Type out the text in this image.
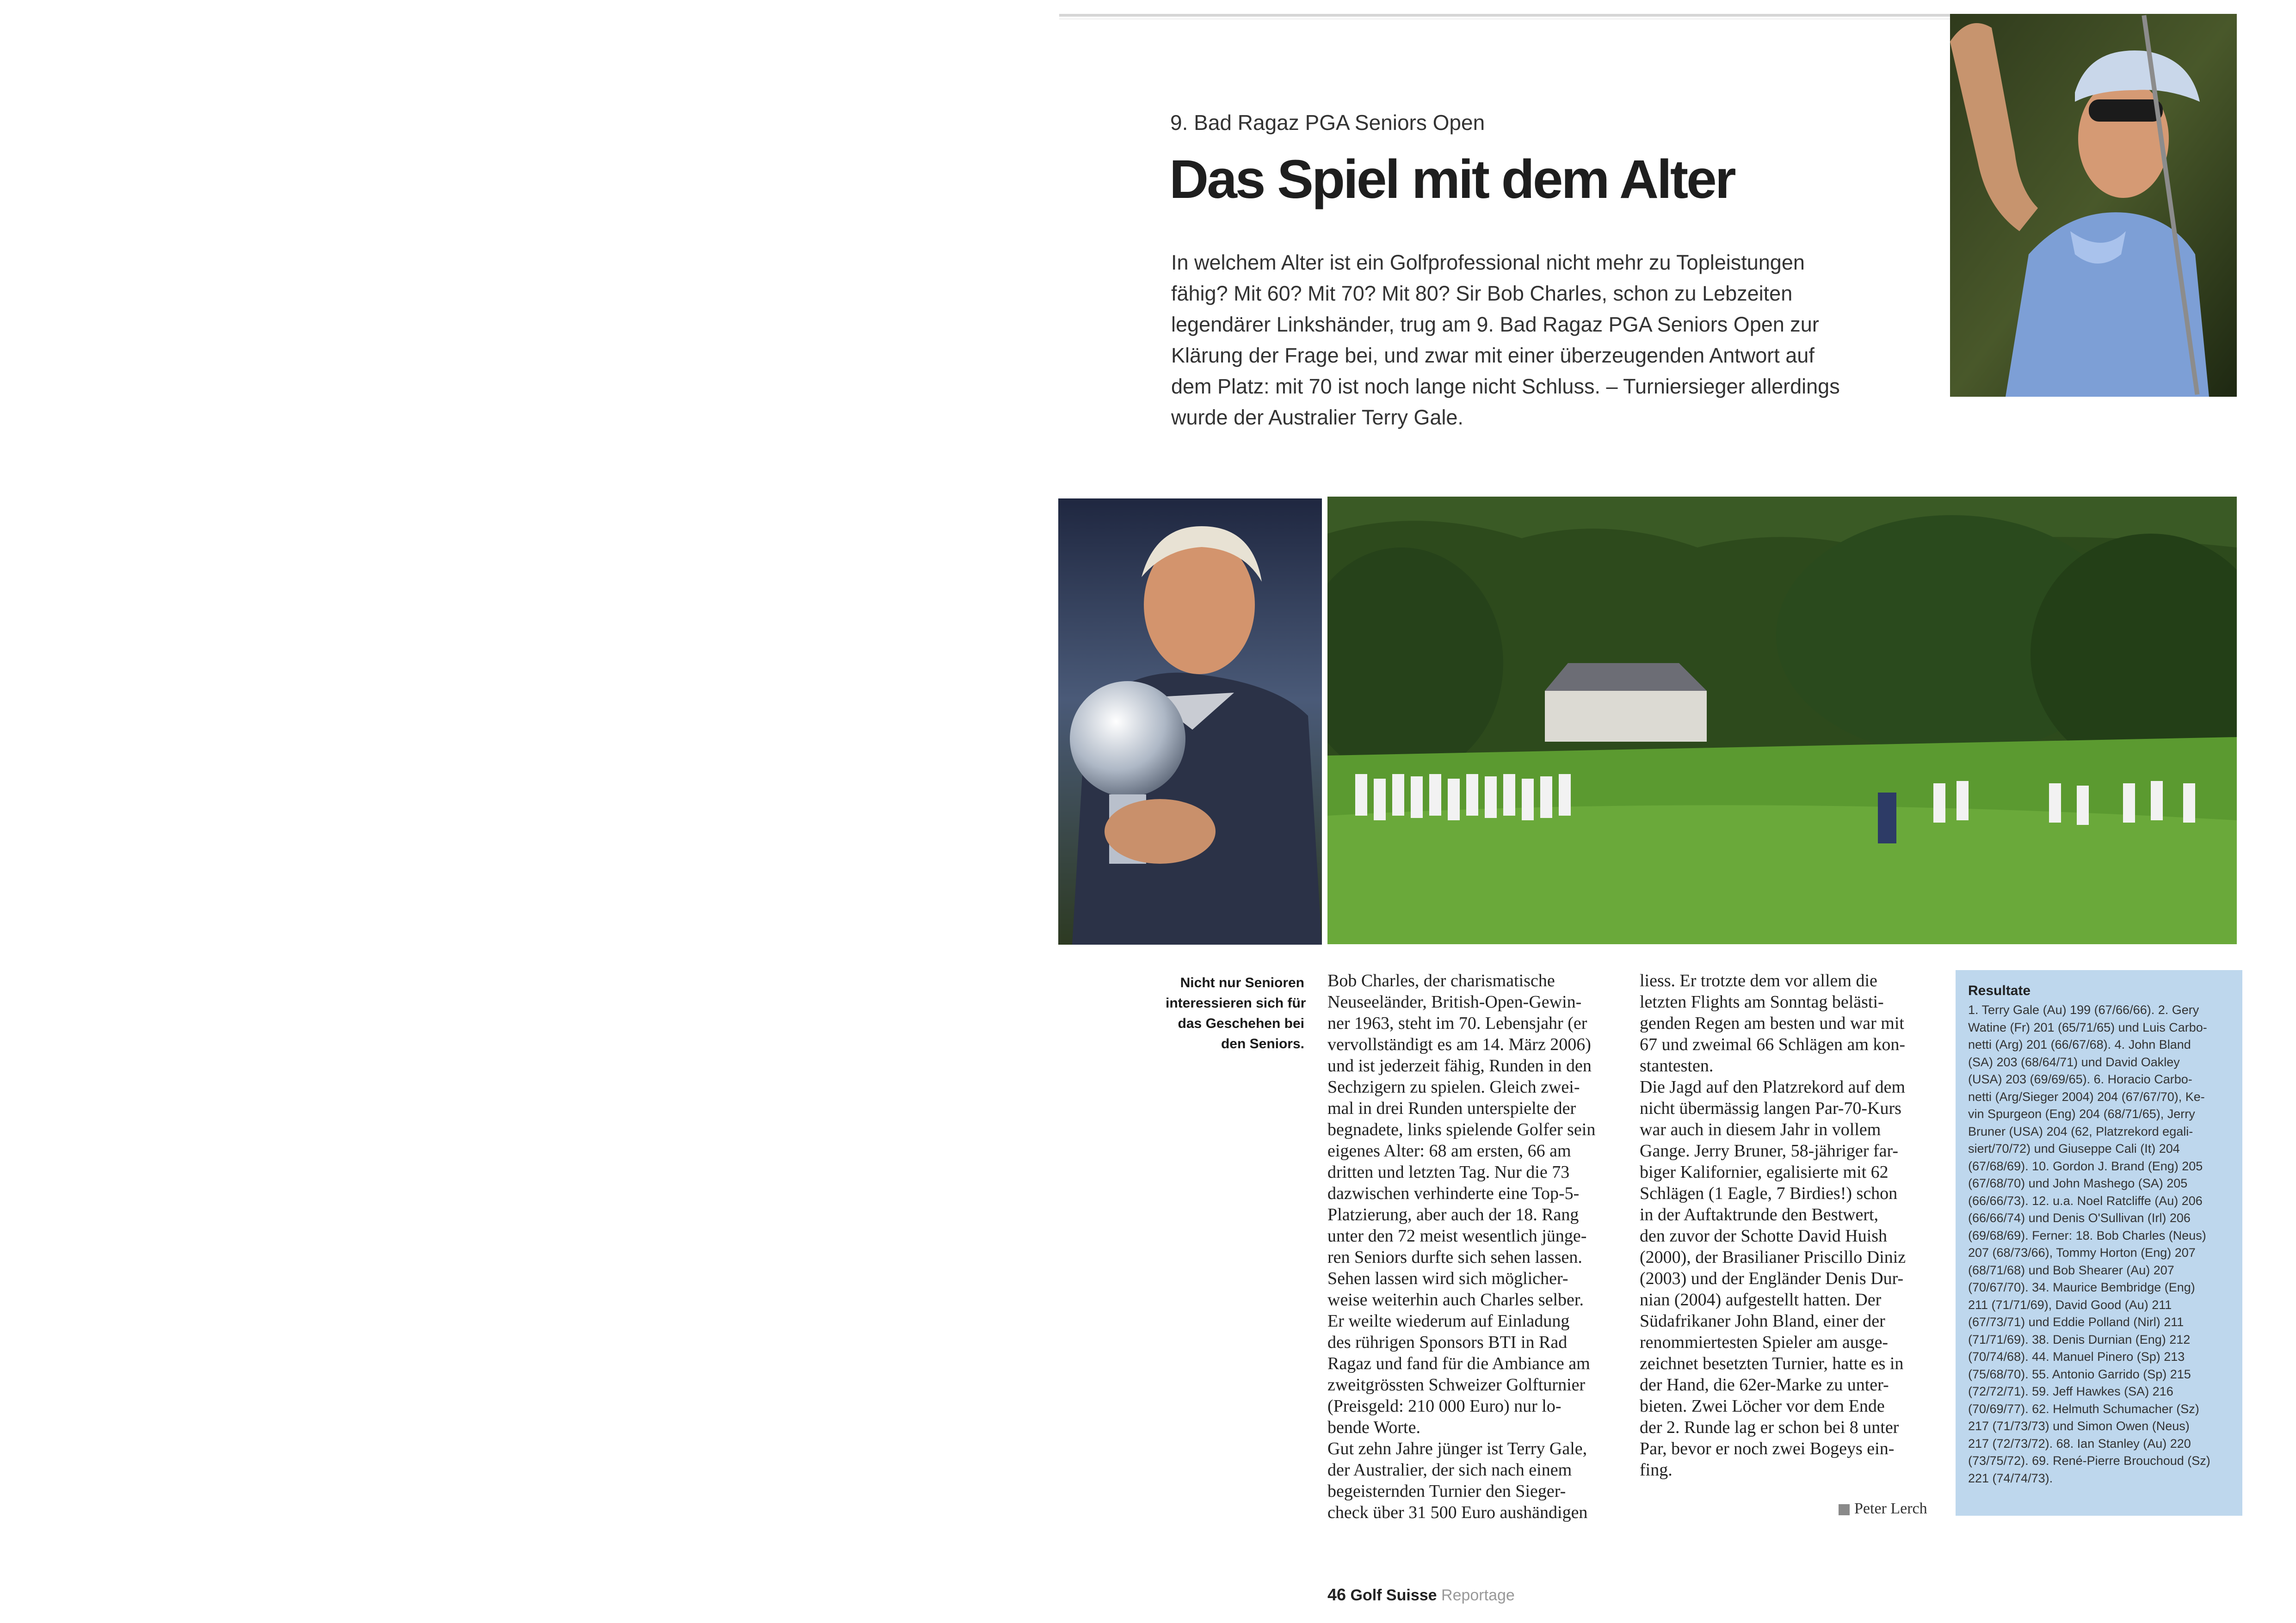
9. Bad Ragaz PGA Seniors Open
Das Spiel mit dem Alter

In welchem Alter ist ein Golfprofessional nicht mehr zu Topleistungen

fähig? Mit 60? Mit 70? Mit 80? Sir Bob Charles, schon zu Lebzeiten

legendärer Linkshänder, trug am 9. Bad Ragaz PGA Seniors Open zur

Klärung der Frage bei, und zwar mit einer überzeugenden Antwort auf

dem Platz: mit 70 ist noch lange nicht Schluss. – Turniersieger allerdings

wurde der Australier Terry Gale.

Nicht nur Senioren

interessieren sich für

das Geschehen bei

den Seniors.

Bob Charles, der charismatische

Neuseeländer, British-Open-Gewin-

ner 1963, steht im 70. Lebensjahr (er

vervollständigt es am 14. März 2006)

und ist jederzeit fähig, Runden in den

Sechzigern zu spielen. Gleich zwei-

mal in drei Runden unterspielte der

begnadete, links spielende Golfer sein

eigenes Alter: 68 am ersten, 66 am

dritten und letzten Tag. Nur die 73

dazwischen verhinderte eine Top-5-

Platzierung, aber auch der 18. Rang

unter den 72 meist wesentlich jünge-

ren Seniors durfte sich sehen lassen.

Sehen lassen wird sich möglicher-

weise weiterhin auch Charles selber.

Er weilte wiederum auf Einladung

des rührigen Sponsors BTI in Rad

Ragaz und fand für die Ambiance am

zweitgrössten Schweizer Golfturnier

(Preisgeld: 210 000 Euro) nur lo-

bende Worte.

Gut zehn Jahre jünger ist Terry Gale,

der Australier, der sich nach einem

begeisternden Turnier den Sieger-

check über 31 500 Euro aushändigen

liess. Er trotzte dem vor allem die

letzten Flights am Sonntag belästi-

genden Regen am besten und war mit

67 und zweimal 66 Schlägen am kon-

stantesten.

Die Jagd auf den Platzrekord auf dem

nicht übermässig langen Par-70-Kurs

war auch in diesem Jahr in vollem

Gange. Jerry Bruner, 58-jähriger far-

biger Kalifornier, egalisierte mit 62

Schlägen (1 Eagle, 7 Birdies!) schon

in der Auftaktrunde den Bestwert,

den zuvor der Schotte David Huish

(2000), der Brasilianer Priscillo Diniz

(2003) und der Engländer Denis Dur-

nian (2004) aufgestellt hatten. Der

Südafrikaner John Bland, einer der

renommiertesten Spieler am ausge-

zeichnet besetzten Turnier, hatte es in

der Hand, die 62er-Marke zu unter-

bieten. Zwei Löcher vor dem Ende

der 2. Runde lag er schon bei 8 unter

Par, bevor er noch zwei Bogeys ein-

fing.

Peter Lerch
Resultate

1. Terry Gale (Au) 199 (67/66/66). 2. Gery

Watine (Fr) 201 (65/71/65) und Luis Carbo-

netti (Arg) 201 (66/67/68). 4. John Bland

(SA) 203 (68/64/71) und David Oakley

(USA) 203 (69/69/65). 6. Horacio Carbo-

netti (Arg/Sieger 2004) 204 (67/67/70), Ke-

vin Spurgeon (Eng) 204 (68/71/65), Jerry

Bruner (USA) 204 (62, Platzrekord egali-

siert/70/72) und Giuseppe Cali (It) 204

(67/68/69). 10. Gordon J. Brand (Eng) 205

(67/68/70) und John Mashego (SA) 205

(66/66/73). 12. u.a. Noel Ratcliffe (Au) 206

(66/66/74) und Denis O'Sullivan (Irl) 206

(69/68/69). Ferner: 18. Bob Charles (Neus)

207 (68/73/66), Tommy Horton (Eng) 207

(68/71/68) und Bob Shearer (Au) 207

(70/67/70). 34. Maurice Bembridge (Eng)

211 (71/71/69), David Good (Au) 211

(67/73/71) und Eddie Polland (Nirl) 211

(71/71/69). 38. Denis Durnian (Eng) 212

(70/74/68). 44. Manuel Pinero (Sp) 213

(75/68/70). 55. Antonio Garrido (Sp) 215

(72/72/71). 59. Jeff Hawkes (SA) 216

(70/69/77). 62. Helmuth Schumacher (Sz)

217 (71/73/73) und Simon Owen (Neus)

217 (72/73/72). 68. Ian Stanley (Au) 220

(73/75/72). 69. René-Pierre Brouchoud (Sz)

221 (74/74/73).

46 Golf Suisse Reportage
